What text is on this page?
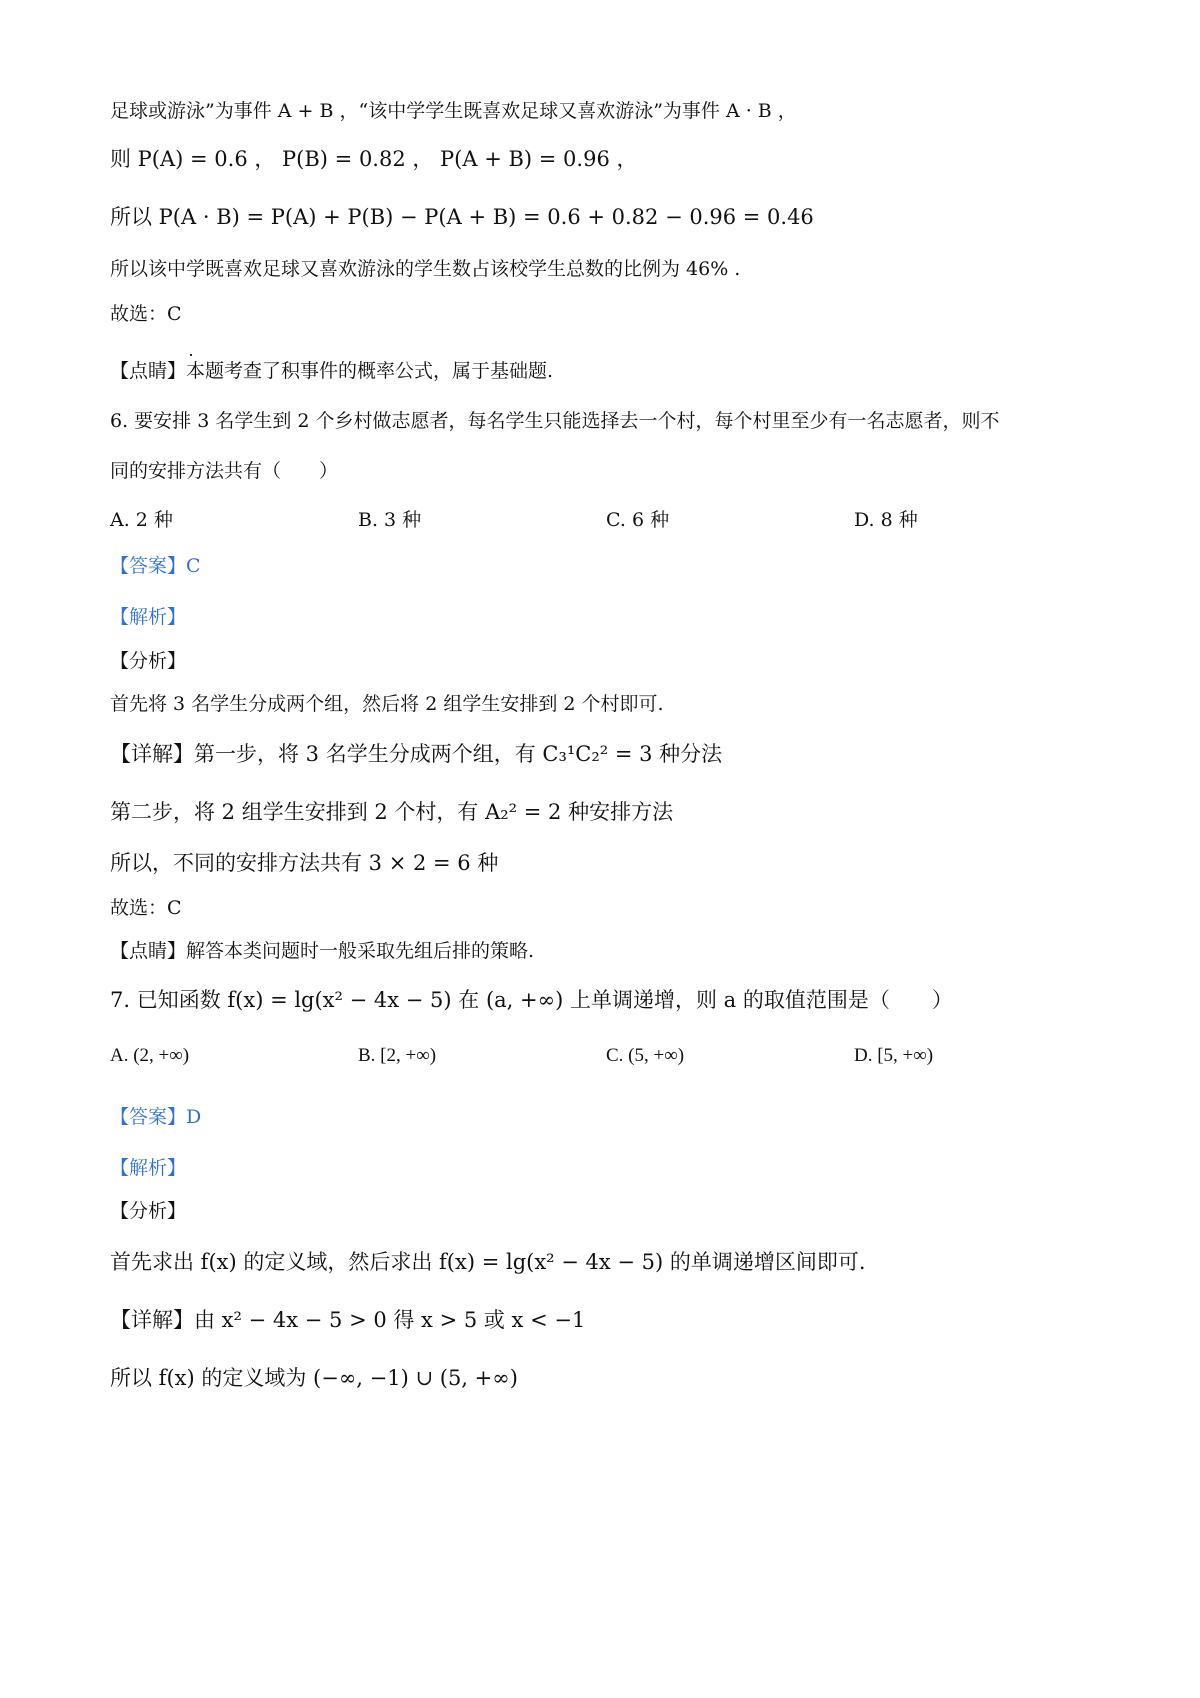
足球或游泳”为事件 A + B ，“该中学学生既喜欢足球又喜欢游泳”为事件 A · B ，
则 P(A) = 0.6 ， P(B) = 0.82 ， P(A + B) = 0.96 ，
所以 P(A · B) = P(A) + P(B) − P(A + B) = 0.6 + 0.82 − 0.96 = 0.46
所以该中学既喜欢足球又喜欢游泳的学生数占该校学生总数的比例为 46% .
故选：C
【点睛】本题考查了积事件的概率公式，属于基础题.
6. 要安排 3 名学生到 2 个乡村做志愿者，每名学生只能选择去一个村，每个村里至少有一名志愿者，则不
同的安排方法共有（　　）
A. 2 种	B. 3 种	C. 6 种	D. 8 种
【答案】C
【解析】
【分析】
首先将 3 名学生分成两个组，然后将 2 组学生安排到 2 个村即可.
【详解】第一步，将 3 名学生分成两个组，有 C₃¹C₂² = 3 种分法
第二步，将 2 组学生安排到 2 个村，有 A₂² = 2 种安排方法
所以，不同的安排方法共有 3 × 2 = 6 种
故选：C
【点睛】解答本类问题时一般采取先组后排的策略.
7. 已知函数 f(x) = lg(x² − 4x − 5) 在 (a, +∞) 上单调递增，则 a 的取值范围是（　　）
A. (2, +∞)	B. [2, +∞)	C. (5, +∞)	D. [5, +∞)
【答案】D
【解析】
【分析】
首先求出 f(x) 的定义域，然后求出 f(x) = lg(x² − 4x − 5) 的单调递增区间即可.
【详解】由 x² − 4x − 5 > 0 得 x > 5 或 x < −1
所以 f(x) 的定义域为 (−∞, −1) ∪ (5, +∞)
